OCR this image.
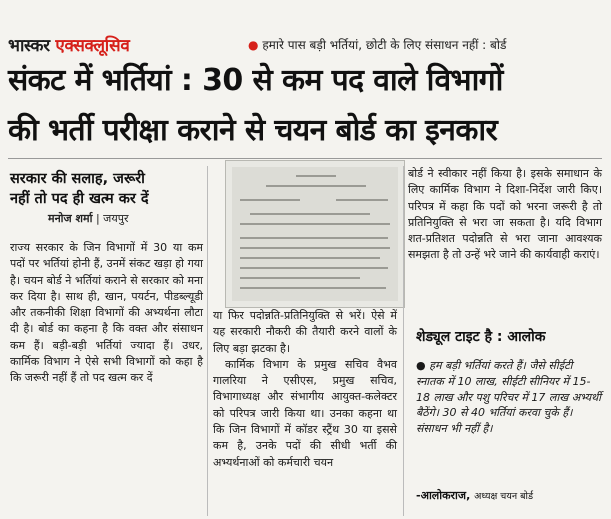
भास्कर एक्सक्लूसिव	● हमारे पास बड़ी भर्तियां, छोटी के लिए संसाधन नहीं : बोर्ड
संकट में भर्तियां : 30 से कम पद वाले विभागों
की भर्ती परीक्षा कराने से चयन बोर्ड का इनकार
सरकार की सलाह, जरूरी
नहीं तो पद ही खत्म कर दें
मनोज शर्मा | जयपुर

राज्य सरकार के जिन विभागों में 30 या कम पदों पर भर्तियां होनी हैं, उनमें संकट खड़ा हो गया है। चयन बोर्ड ने भर्तियां कराने से सरकार को मना कर दिया है। साथ ही, खान, पयर्टन, पीडब्ल्यूडी और तकनीकी शिक्षा विभागों की अभ्यर्थना लौटा दी है। बोर्ड का कहना है कि वक्त और संसाधन कम हैं। बड़ी-बड़ी भर्तियां ज्यादा हैं। उधर, कार्मिक विभाग ने ऐसे सभी विभागों को कहा है कि जरूरी नहीं हैं तो पद खत्म कर दें

या फिर पदोन्नति-प्रतिनियुक्ति से भरें। ऐसे में यह सरकारी नौकरी की तैयारी करने वालों के लिए बड़ा झटका है।

कार्मिक विभाग के प्रमुख सचिव वैभव गालरिया ने एसीएस, प्रमुख सचिव, विभागाध्यक्ष और संभागीय आयुक्त-कलेक्टर को परिपत्र जारी किया था। उनका कहना था कि जिन विभागों में कॉडर स्ट्रैंथ 30 या इससे कम है, उनके पदों की सीधी भर्ती की अभ्यर्थनाओं को कर्मचारी चयन

बोर्ड ने स्वीकार नहीं किया है। इसके समाधान के लिए कार्मिक विभाग ने दिशा-निर्देश जारी किए। परिपत्र में कहा कि पदों को भरना जरूरी है तो प्रतिनियुक्ति से भरा जा सकता है। यदि विभाग शत-प्रतिशत पदोन्नति से भरा जाना आवश्यक समझता है तो उन्हें भरे जाने की कार्यवाही कराएं।

शेड्यूल टाइट है : आलोक
● हम बड़ी भर्तियां करते हैं। जैसे सीईटी स्नातक में 10 लाख, सीईटी सीनियर में 15-18 लाख और पशु परिचर में 17 लाख अभ्यर्थी बैठेंगे। 30 से 40 भर्तियां करवा चुके हैं। संसाधन भी नहीं है।
-आलोकराज, अध्यक्ष चयन बोर्ड
